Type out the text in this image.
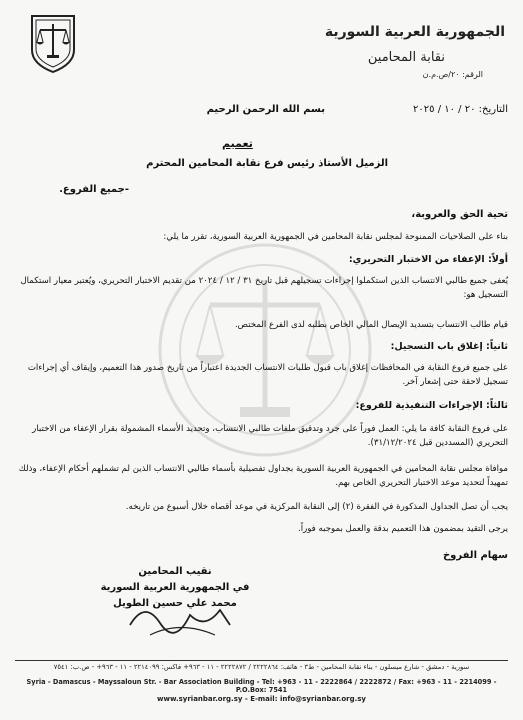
الجمهورية العربية السورية
نقابة المحامين
الرقم: ٢٠/ص.م.ن
التاريخ: ٢٠ / ١٠ / ٢٠٢٥
بسم الله الرحمن الرحيم
تعميم
الزميل الأستاذ رئيس فرع نقابة المحامين المحترم
-جميع الفروع.
تحية الحق والعروبة،
بناء على الصلاحيات الممنوحة لمجلس نقابة المحامين في الجمهورية العربية السورية، تقرر ما يلي:
أولاً: الإعفاء من الاختبار التحريري:
يُعفى جميع طالبي الانتساب الذين استكملوا إجراءات تسجيلهم قبل تاريخ ٣١ / ١٢ / ٢٠٢٤ من تقديم الاختبار التحريري، ويُعتبر معيار استكمال التسجيل هو:
قيام طالب الانتساب بتسديد الإيصال المالي الخاص بطلبه لدى الفرع المختص.
ثانياً: إغلاق باب التسجيل:
على جميع فروع النقابة في المحافظات إغلاق باب قبول طلبات الانتساب الجديدة اعتباراً من تاريخ صدور هذا التعميم، وإيقاف أي إجراءات تسجيل لاحقة حتى إشعار آخر.
ثالثاً: الإجراءات التنفيذية للفروع:
على فروع النقابة كافة ما يلي: العمل فوراً على جرد وتدقيق ملفات طالبي الانتساب، وتحديد الأسماء المشمولة بقرار الإعفاء من الاختبار التحريري (المسددين قبل ٣١/١٢/٢٠٢٤).
موافاة مجلس نقابة المحامين في الجمهورية العربية السورية بجداول تفصيلية بأسماء طالبي الانتساب الذين لم تشملهم أحكام الإعفاء، وذلك تمهيداً لتحديد موعد الاختبار التحريري الخاص بهم.
يجب أن تصل الجداول المذكورة في الفقرة (٢) إلى النقابة المركزية في موعد أقصاه خلال أسبوع من تاريخه.
يرجى التقيد بمضمون هذا التعميم بدقة والعمل بموجبه فوراً.
سهام الفروخ
نقيب المحامين
في الجمهورية العربية السورية
محمد علي حسين الطويل
سورية - دمشق - شارع ميسلون - بناء نقابة المحامين - ط٣ - هاتف: ٢٢٢٢٨٦٤ / ٢٢٢٢٨٧٢ - ١١ - ٩٦٣+ فاكس: ٢٢١٤٠٩٩ - ١١ - ٩٦٣+ - ص.ب: ٧٥٤١
Syria - Damascus - Mayssaloun Str. - Bar Association Building - Tel: +963 - 11 - 2222864 / 2222872 / Fax: +963 - 11 - 2214099 - P.O.Box: 7541
www.syrianbar.org.sy - E-mail: info@syrianbar.org.sy
